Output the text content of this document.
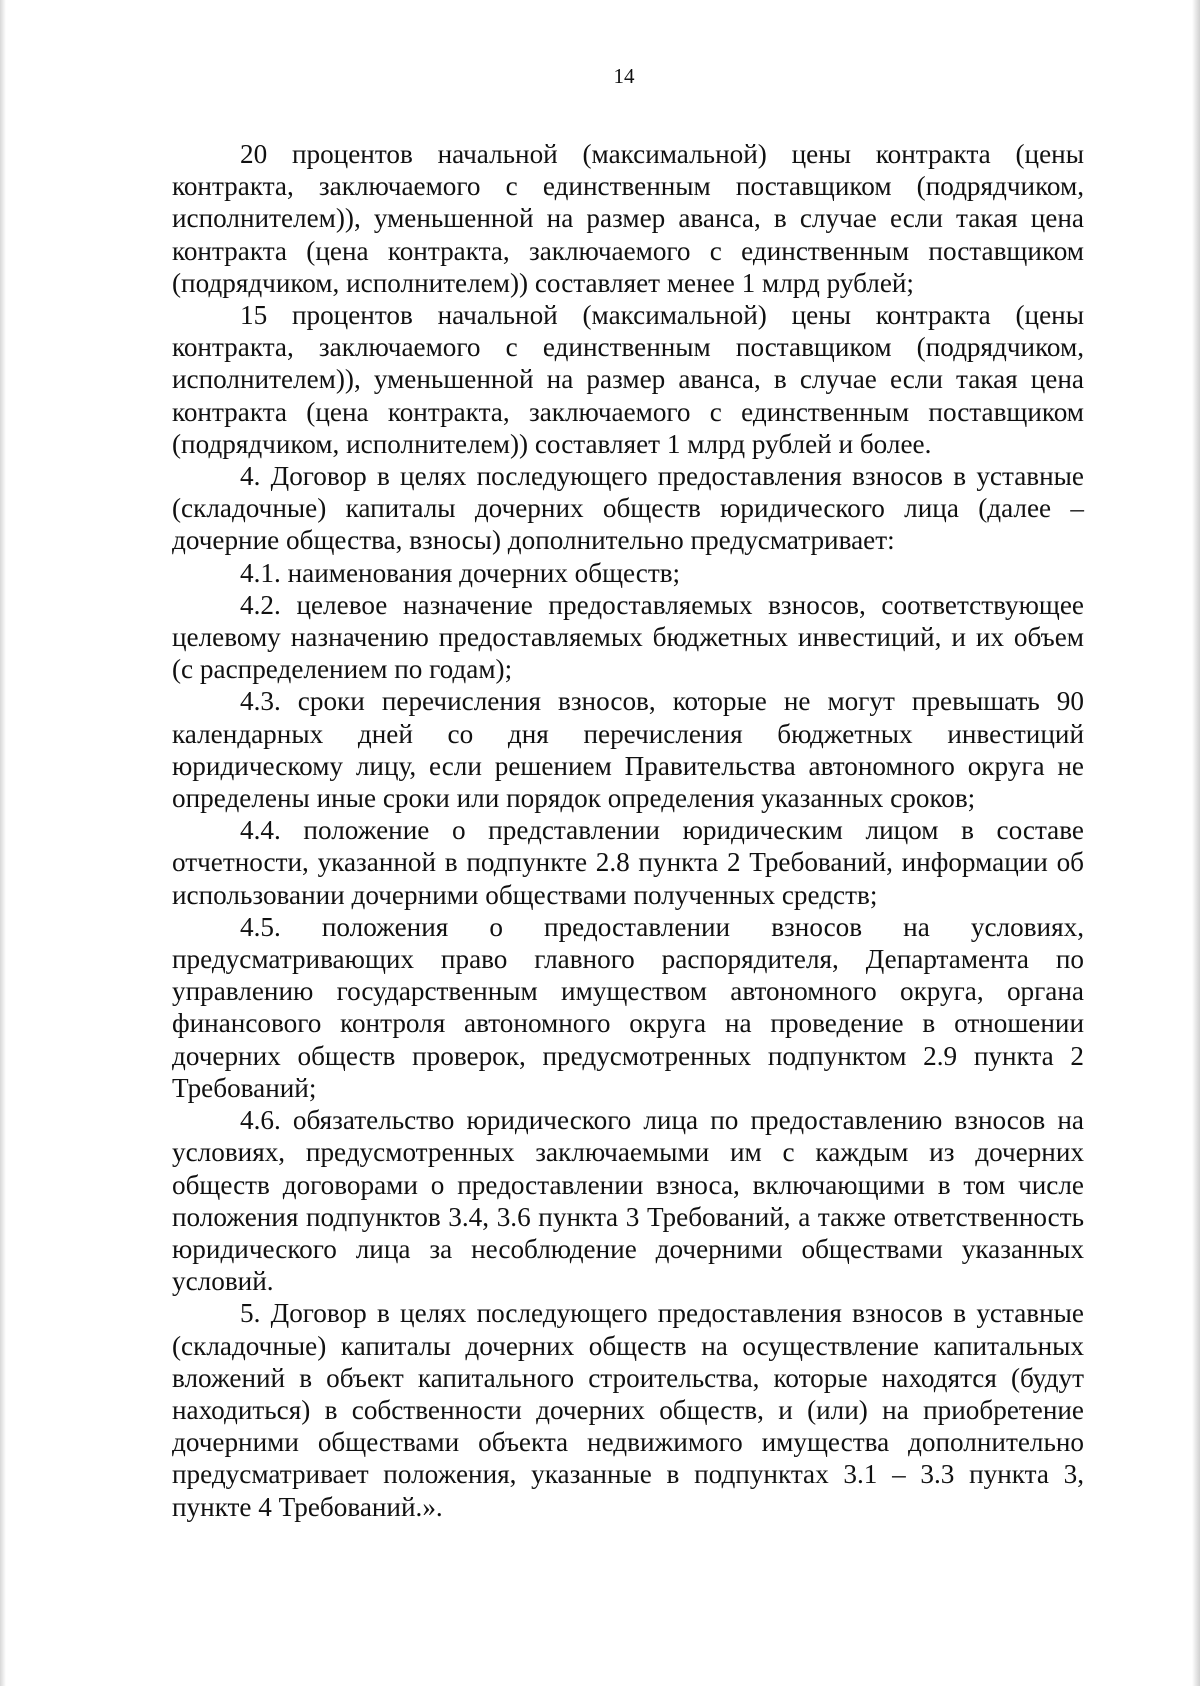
14

20 процентов начальной (максимальной) цены контракта (цены контракта, заключаемого с единственным поставщиком (подрядчиком, исполнителем)), уменьшенной на размер аванса, в случае если такая цена контракта (цена контракта, заключаемого с единственным поставщиком (подрядчиком, исполнителем)) составляет менее 1 млрд рублей;

15 процентов начальной (максимальной) цены контракта (цены контракта, заключаемого с единственным поставщиком (подрядчиком, исполнителем)), уменьшенной на размер аванса, в случае если такая цена контракта (цена контракта, заключаемого с единственным поставщиком (подрядчиком, исполнителем)) составляет 1 млрд рублей и более.

4. Договор в целях последующего предоставления взносов в уставные (складочные) капиталы дочерних обществ юридического лица (далее – дочерние общества, взносы) дополнительно предусматривает:

4.1. наименования дочерних обществ;

4.2. целевое назначение предоставляемых взносов, соответствующее целевому назначению предоставляемых бюджетных инвестиций, и их объем (с распределением по годам);

4.3. сроки перечисления взносов, которые не могут превышать 90 календарных дней со дня перечисления бюджетных инвестиций юридическому лицу, если решением Правительства автономного округа не определены иные сроки или порядок определения указанных сроков;

4.4. положение о представлении юридическим лицом в составе отчетности, указанной в подпункте 2.8 пункта 2 Требований, информации об использовании дочерними обществами полученных средств;

4.5. положения о предоставлении взносов на условиях, предусматривающих право главного распорядителя, Департамента по управлению государственным имуществом автономного округа, органа финансового контроля автономного округа на проведение в отношении дочерних обществ проверок, предусмотренных подпунктом 2.9 пункта 2 Требований;

4.6. обязательство юридического лица по предоставлению взносов на условиях, предусмотренных заключаемыми им с каждым из дочерних обществ договорами о предоставлении взноса, включающими в том числе положения подпунктов 3.4, 3.6 пункта 3 Требований, а также ответственность юридического лица за несоблюдение дочерними обществами указанных условий.

5. Договор в целях последующего предоставления взносов в уставные (складочные) капиталы дочерних обществ на осуществление капитальных вложений в объект капитального строительства, которые находятся (будут находиться) в собственности дочерних обществ, и (или) на приобретение дочерними обществами объекта недвижимого имущества дополнительно предусматривает положения, указанные в подпунктах 3.1 – 3.3 пункта 3, пункте 4 Требований.».
